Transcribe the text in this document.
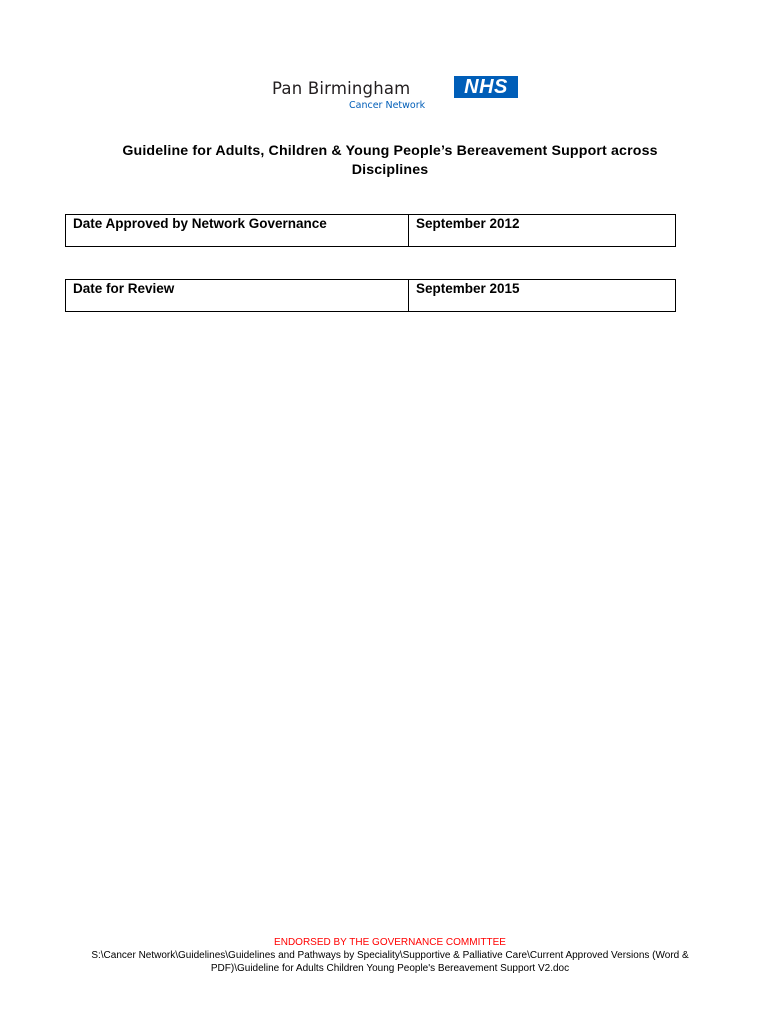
Pan Birmingham
Cancer Network
NHS
Guideline for Adults, Children & Young People’s Bereavement Support across Disciplines
Date Approved by Network Governance	September 2012
Date for Review	September 2015
ENDORSED BY THE GOVERNANCE COMMITTEE
S:\Cancer Network\Guidelines\Guidelines and Pathways by Speciality\Supportive & Palliative Care\Current Approved Versions (Word & PDF)\Guideline for Adults Children Young People's Bereavement Support V2.doc
